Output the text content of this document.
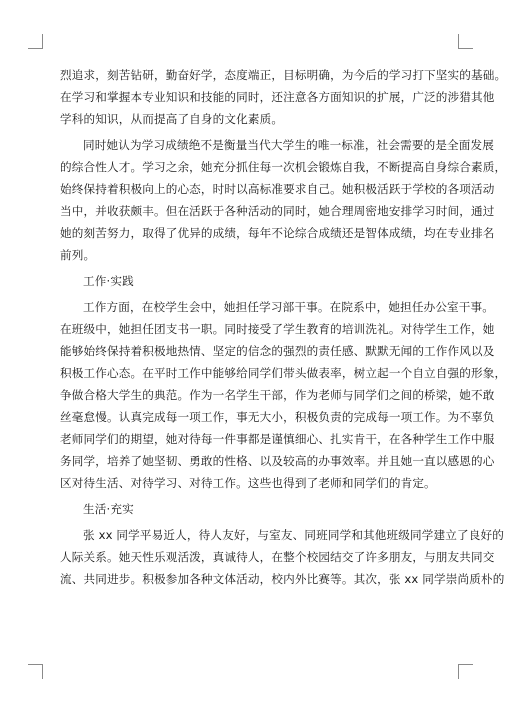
烈追求，刻苦钻研，勤奋好学，态度端正，目标明确，为今后的学习打下坚实的基础。
在学习和掌握本专业知识和技能的同时，还注意各方面知识的扩展，广泛的涉猎其他
学科的知识，从而提高了自身的文化素质。
同时她认为学习成绩绝不是衡量当代大学生的唯一标准，社会需要的是全面发展
的综合性人才。学习之余，她充分抓住每一次机会锻炼自我，不断提高自身综合素质，
始终保持着积极向上的心态，时时以高标准要求自己。她积极活跃于学校的各项活动
当中，并收获颇丰。但在活跃于各种活动的同时，她合理周密地安排学习时间，通过
她的刻苦努力，取得了优异的成绩，每年不论综合成绩还是智体成绩，均在专业排名
前列。
工作·实践
工作方面，在校学生会中，她担任学习部干事。在院系中，她担任办公室干事。
在班级中，她担任团支书一职。同时接受了学生教育的培训洗礼。对待学生工作，她
能够始终保持着积极地热情、坚定的信念的强烈的责任感、默默无闻的工作作风以及
积极工作心态。在平时工作中能够给同学们带头做表率，树立起一个自立自强的形象，
争做合格大学生的典范。作为一名学生干部，作为老师与同学们之间的桥梁，她不敢
丝毫怠慢。认真完成每一项工作，事无大小，积极负责的完成每一项工作。为不辜负
老师同学们的期望，她对待每一件事都是谨慎细心、扎实肯干，在各种学生工作中服
务同学，培养了她坚韧、勇敢的性格、以及较高的办事效率。并且她一直以感恩的心
区对待生活、对待学习、对待工作。这些也得到了老师和同学们的肯定。
生活·充实
张 xx 同学平易近人，待人友好，与室友、同班同学和其他班级同学建立了良好的
人际关系。她天性乐观活泼，真诚待人，在整个校园结交了许多朋友，与朋友共同交
流、共同进步。积极参加各种文体活动，校内外比赛等。其次，张 xx 同学崇尚质朴的
